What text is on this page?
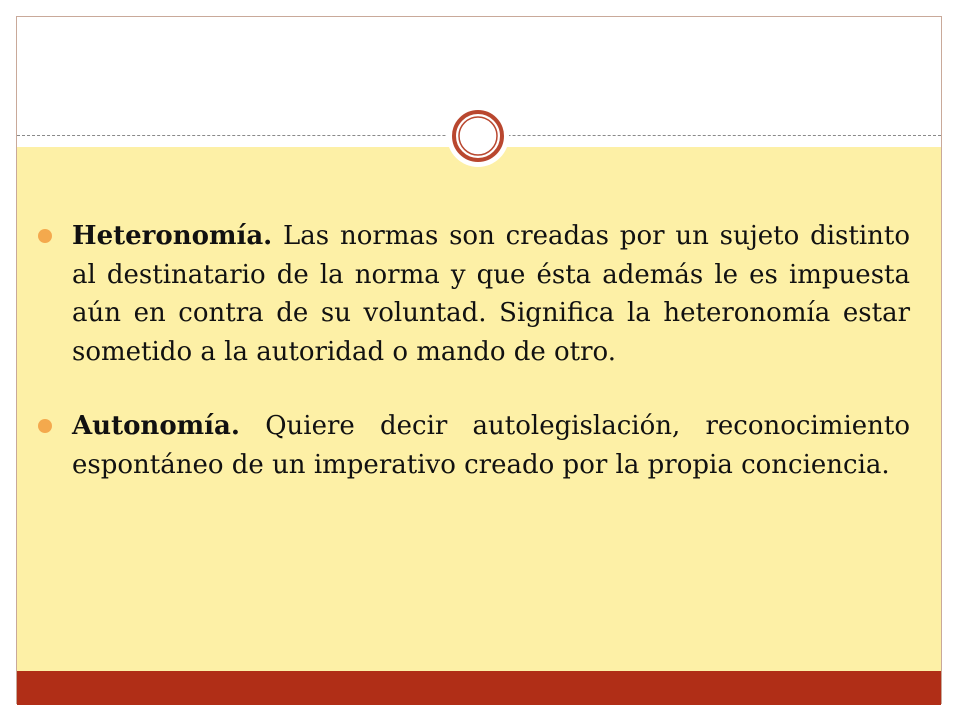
Heteronomía. Las normas son creadas por un sujeto distinto al destinatario de la norma y que ésta además le es impuesta aún en contra de su voluntad. Significa la heteronomía estar sometido a la autoridad o mando de otro.
Autonomía. Quiere decir autolegislación, reconocimiento espontáneo de un imperativo creado por la propia conciencia.
